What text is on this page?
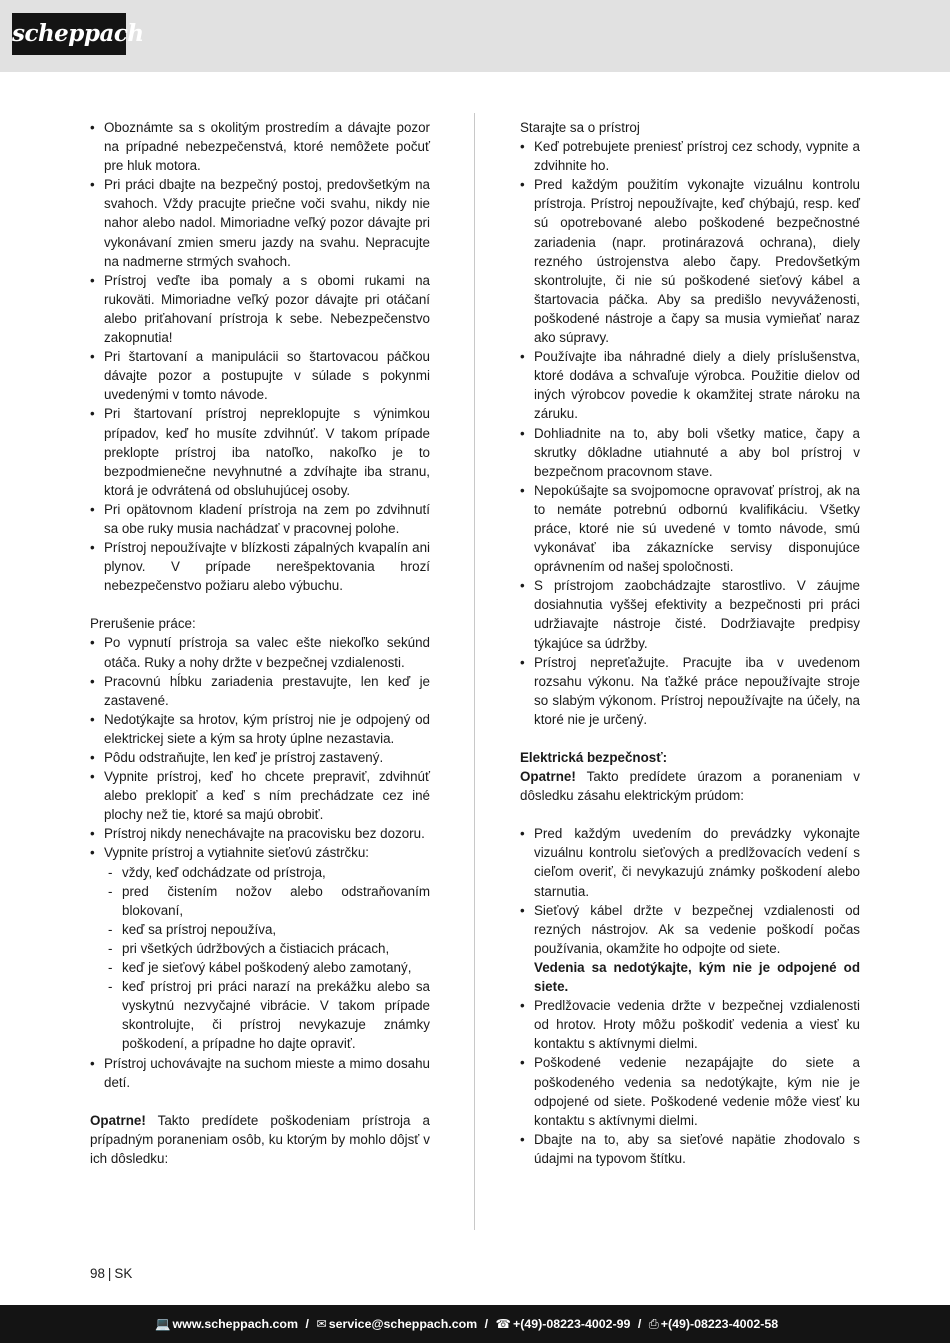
scheppach
• Oboznámte sa s okolitým prostredím a dávajte pozor na prípadné nebezpečenstvá, ktoré nemôžete počuť pre hluk motora.
• Pri práci dbajte na bezpečný postoj, predovšetkým na svahoch. Vždy pracujte priečne voči svahu, nikdy nie nahor alebo nadol. Mimoriadne veľký pozor dávajte pri vykonávaní zmien smeru jazdy na svahu. Nepracujte na nadmerne strmých svahoch.
• Prístroj veďte iba pomaly a s obomi rukami na rukoväti. Mimoriadne veľký pozor dávajte pri otáčaní alebo priťahovaní prístroja k sebe. Nebezpečenstvo zakopnutia!
• Pri štartovaní a manipulácii so štartovacou páčkou dávajte pozor a postupujte v súlade s pokynmi uvedenými v tomto návode.
• Pri štartovaní prístroj nepreklopujte s výnimkou prípadov, keď ho musíte zdvihnúť. V takom prípade preklopte prístroj iba natoľko, nakoľko je to bezpodmienečne nevyhnutné a zdvíhajte iba stranu, ktorá je odvrátená od obsluhujúcej osoby.
• Pri opätovnom kladení prístroja na zem po zdvihnutí sa obe ruky musia nachádzať v pracovnej polohe.
• Prístroj nepoužívajte v blízkosti zápalných kvapalín ani plynov. V prípade nerešpektovania hrozí nebezpečenstvo požiaru alebo výbuchu.

Prerušenie práce:

• Po vypnutí prístroja sa valec ešte niekoľko sekúnd otáča. Ruky a nohy držte v bezpečnej vzdialenosti.
• Pracovnú hĺbku zariadenia prestavujte, len keď je zastavené.
• Nedotýkajte sa hrotov, kým prístroj nie je odpojený od elektrickej siete a kým sa hroty úplne nezastavia.
• Pôdu odstraňujte, len keď je prístroj zastavený.
• Vypnite prístroj, keď ho chcete prepraviť, zdvihnúť alebo preklopiť a keď s ním prechádzate cez iné plochy než tie, ktoré sa majú obrobiť.
• Prístroj nikdy nenechávajte na pracovisku bez dozoru.
• Vypnite prístroj a vytiahnite sieťovú zástrčku:
- vždy, keď odchádzate od prístroja,
- pred čistením nožov alebo odstraňovaním blokovaní,
- keď sa prístroj nepoužíva,
- pri všetkých údržbových a čistiacich prácach,
- keď je sieťový kábel poškodený alebo zamotaný,
- keď prístroj pri práci narazí na prekážku alebo sa vyskytnú nezvyčajné vibrácie. V takom prípade skontrolujte, či prístroj nevykazuje známky poškodení, a prípadne ho dajte opraviť.
• Prístroj uchovávajte na suchom mieste a mimo dosahu detí.

Opatrne! Takto predídete poškodeniam prístroja a prípadným poraneniam osôb, ku ktorým by mohlo dôjsť v ich dôsledku:

Starajte sa o prístroj

• Keď potrebujete preniesť prístroj cez schody, vypnite a zdvihnite ho.
• Pred každým použitím vykonajte vizuálnu kontrolu prístroja. Prístroj nepoužívajte, keď chýbajú, resp. keď sú opotrebované alebo poškodené bezpečnostné zariadenia (napr. protinárazová ochrana), diely rezného ústrojenstva alebo čapy. Predovšetkým skontrolujte, či nie sú poškodené sieťový kábel a štartovacia páčka. Aby sa predišlo nevyváženosti, poškodené nástroje a čapy sa musia vymieňať naraz ako súpravy.
• Používajte iba náhradné diely a diely príslušenstva, ktoré dodáva a schvaľuje výrobca. Použitie dielov od iných výrobcov povedie k okamžitej strate nároku na záruku.
• Dohliadnite na to, aby boli všetky matice, čapy a skrutky dôkladne utiahnuté a aby bol prístroj v bezpečnom pracovnom stave.
• Nepokúšajte sa svojpomocne opravovať prístroj, ak na to nemáte potrebnú odbornú kvalifikáciu. Všetky práce, ktoré nie sú uvedené v tomto návode, smú vykonávať iba zákaznícke servisy disponujúce oprávnením od našej spoločnosti.
• S prístrojom zaobchádzajte starostlivo. V záujme dosiahnutia vyššej efektivity a bezpečnosti pri práci udržiavajte nástroje čisté. Dodržiavajte predpisy týkajúce sa údržby.
• Prístroj nepreťažujte. Pracujte iba v uvedenom rozsahu výkonu. Na ťažké práce nepoužívajte stroje so slabým výkonom. Prístroj nepoužívajte na účely, na ktoré nie je určený.

Elektrická bezpečnosť:

Opatrne! Takto predídete úrazom a poraneniam v dôsledku zásahu elektrickým prúdom:

• Pred každým uvedením do prevádzky vykonajte vizuálnu kontrolu sieťových a predlžovacích vedení s cieľom overiť, či nevykazujú známky poškodení alebo starnutia.
• Sieťový kábel držte v bezpečnej vzdialenosti od rezných nástrojov. Ak sa vedenie poškodí počas používania, okamžite ho odpojte od siete.
Vedenia sa nedotýkajte, kým nie je odpojené od siete.
• Predlžovacie vedenia držte v bezpečnej vzdialenosti od hrotov. Hroty môžu poškodiť vedenia a viesť ku kontaktu s aktívnymi dielmi.
• Poškodené vedenie nezapájajte do siete a poškodeného vedenia sa nedotýkajte, kým nie je odpojené od siete. Poškodené vedenie môže viesť ku kontaktu s aktívnymi dielmi.
• Dbajte na to, aby sa sieťové napätie zhodovalo s údajmi na typovom štítku.
98 | SK
💻 www.scheppach.com / ✉ service@scheppach.com / ☎ +(49)-08223-4002-99 / ⎙ +(49)-08223-4002-58
